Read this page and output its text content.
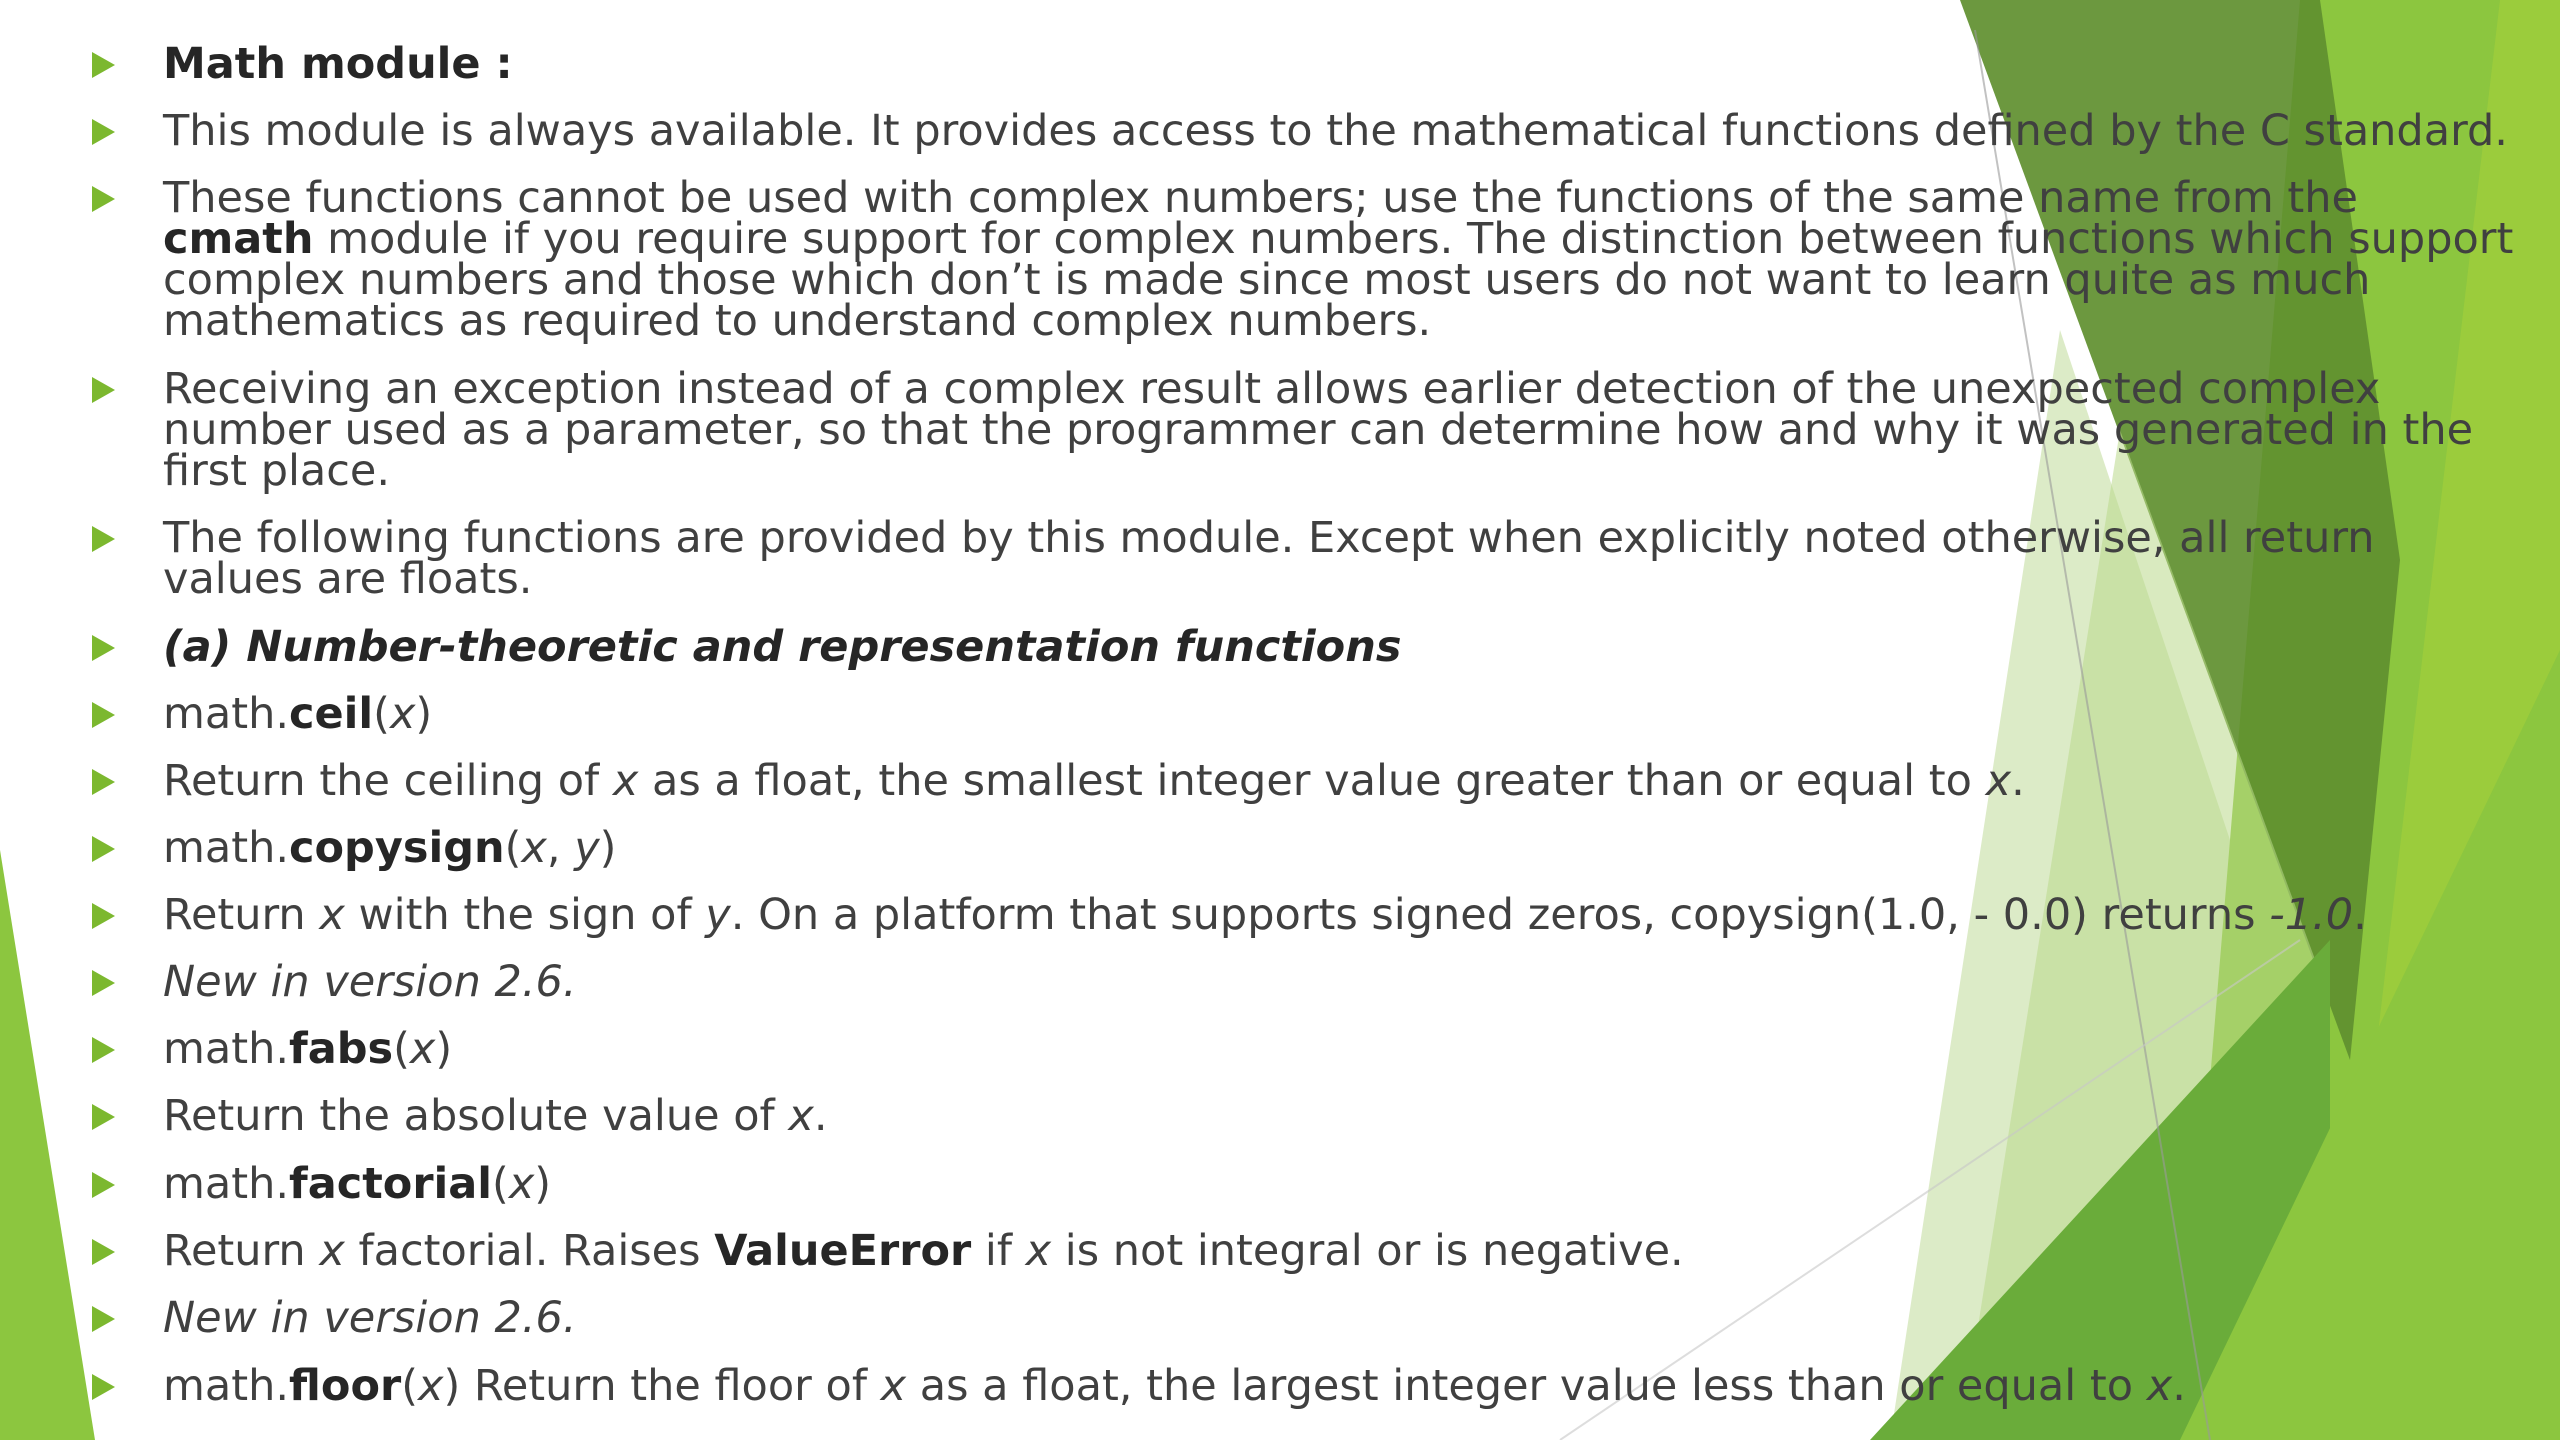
Math module :
This module is always available. It provides access to the mathematical functions defined by the C standard.
These functions cannot be used with complex numbers; use the functions of the same name from the
cmath module if you require support for complex numbers. The distinction between functions which support
complex numbers and those which don’t is made since most users do not want to learn quite as much
mathematics as required to understand complex numbers.
Receiving an exception instead of a complex result allows earlier detection of the unexpected complex
number used as a parameter, so that the programmer can determine how and why it was generated in the
first place.
The following functions are provided by this module. Except when explicitly noted otherwise, all return
values are floats.
(a) Number-theoretic and representation functions
math.ceil(x)
Return the ceiling of x as a float, the smallest integer value greater than or equal to x.
math.copysign(x, y)
Return x with the sign of y. On a platform that supports signed zeros, copysign(1.0, - 0.0) returns -1.0.
New in version 2.6.
math.fabs(x)
Return the absolute value of x.
math.factorial(x)
Return x factorial. Raises ValueError if x is not integral or is negative.
New in version 2.6.
math.floor(x) Return the floor of x as a float, the largest integer value less than or equal to x.
